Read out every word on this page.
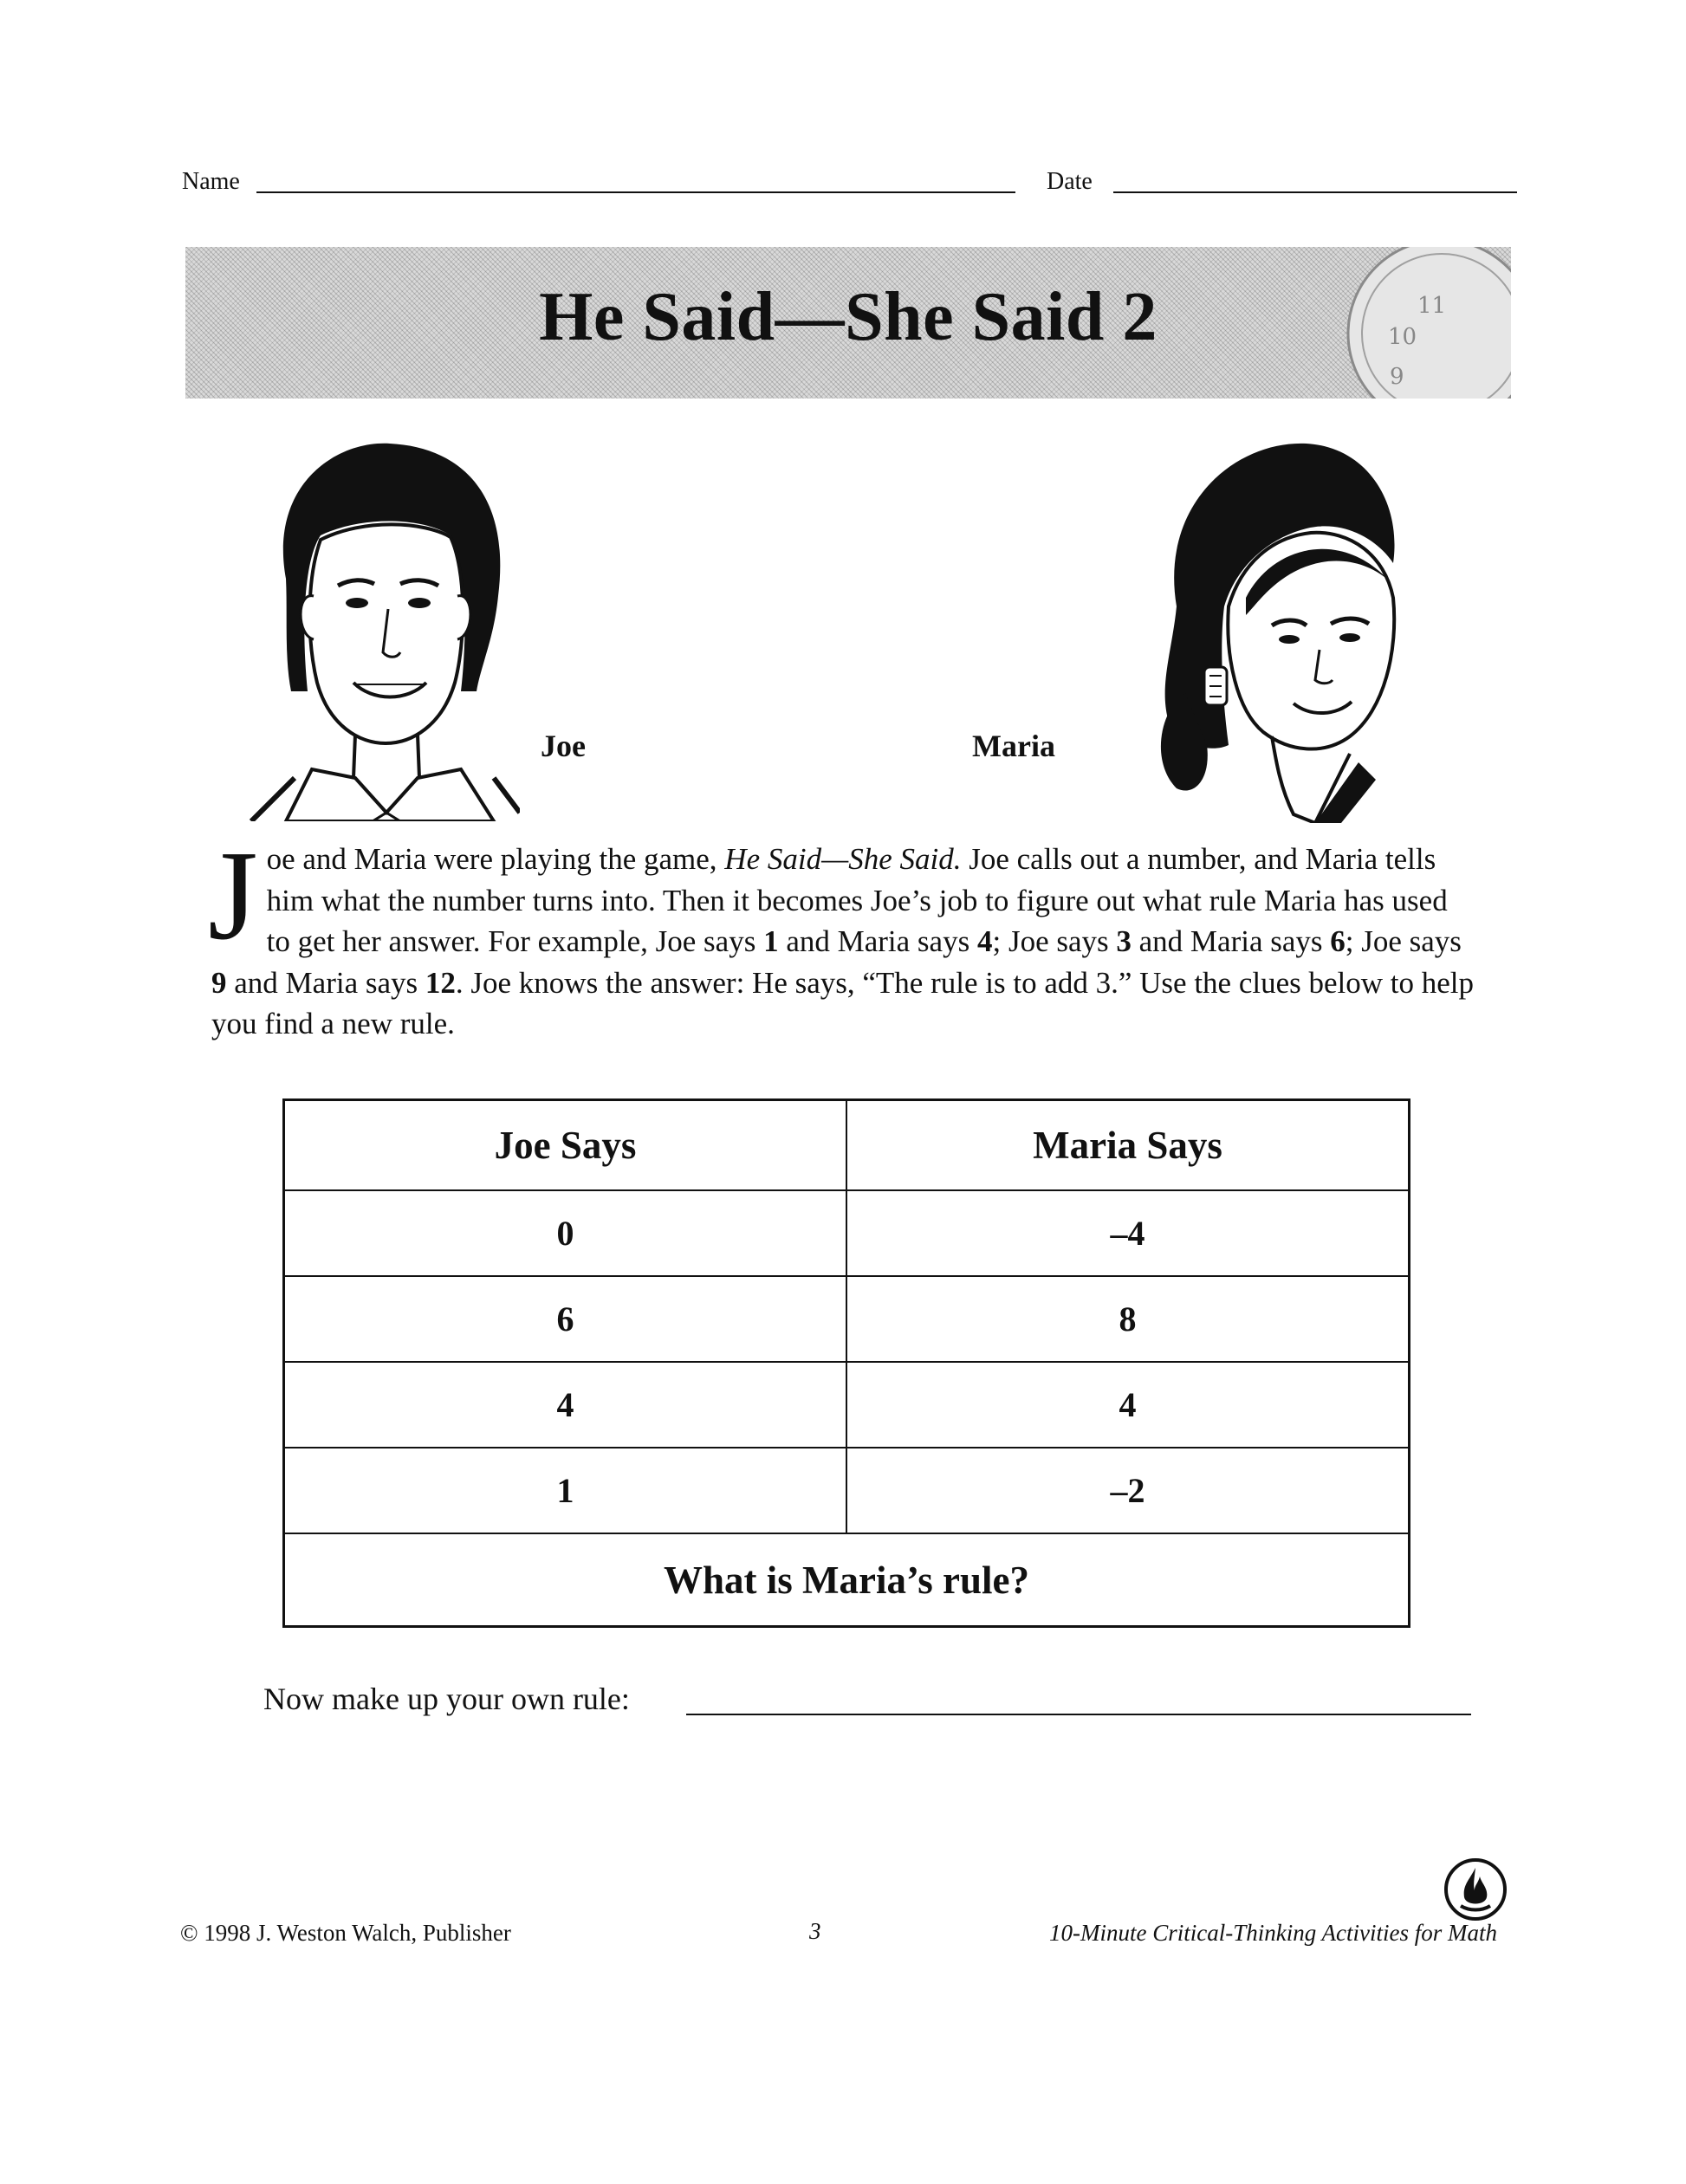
Name	Date
11
10
9
He Said—She Said 2
Joe	Maria
J oe and Maria were playing the game, He Said—She Said. Joe calls out a number, and Maria tells him what the number turns into. Then it becomes Joe’s job to figure out what rule Maria has used to get her answer. For example, Joe says 1 and Maria says 4; Joe says 3 and Maria says 6; Joe says 9 and Maria says 12. Joe knows the answer: He says, “The rule is to add 3.” Use the clues below to help you find a new rule.
Joe Says	Maria Says
0	–4
6	8
4	4
1	–2
What is Maria’s rule?	
Now make up your own rule:
© 1998 J. Weston Walch, Publisher	3	10-Minute Critical-Thinking Activities for Math
